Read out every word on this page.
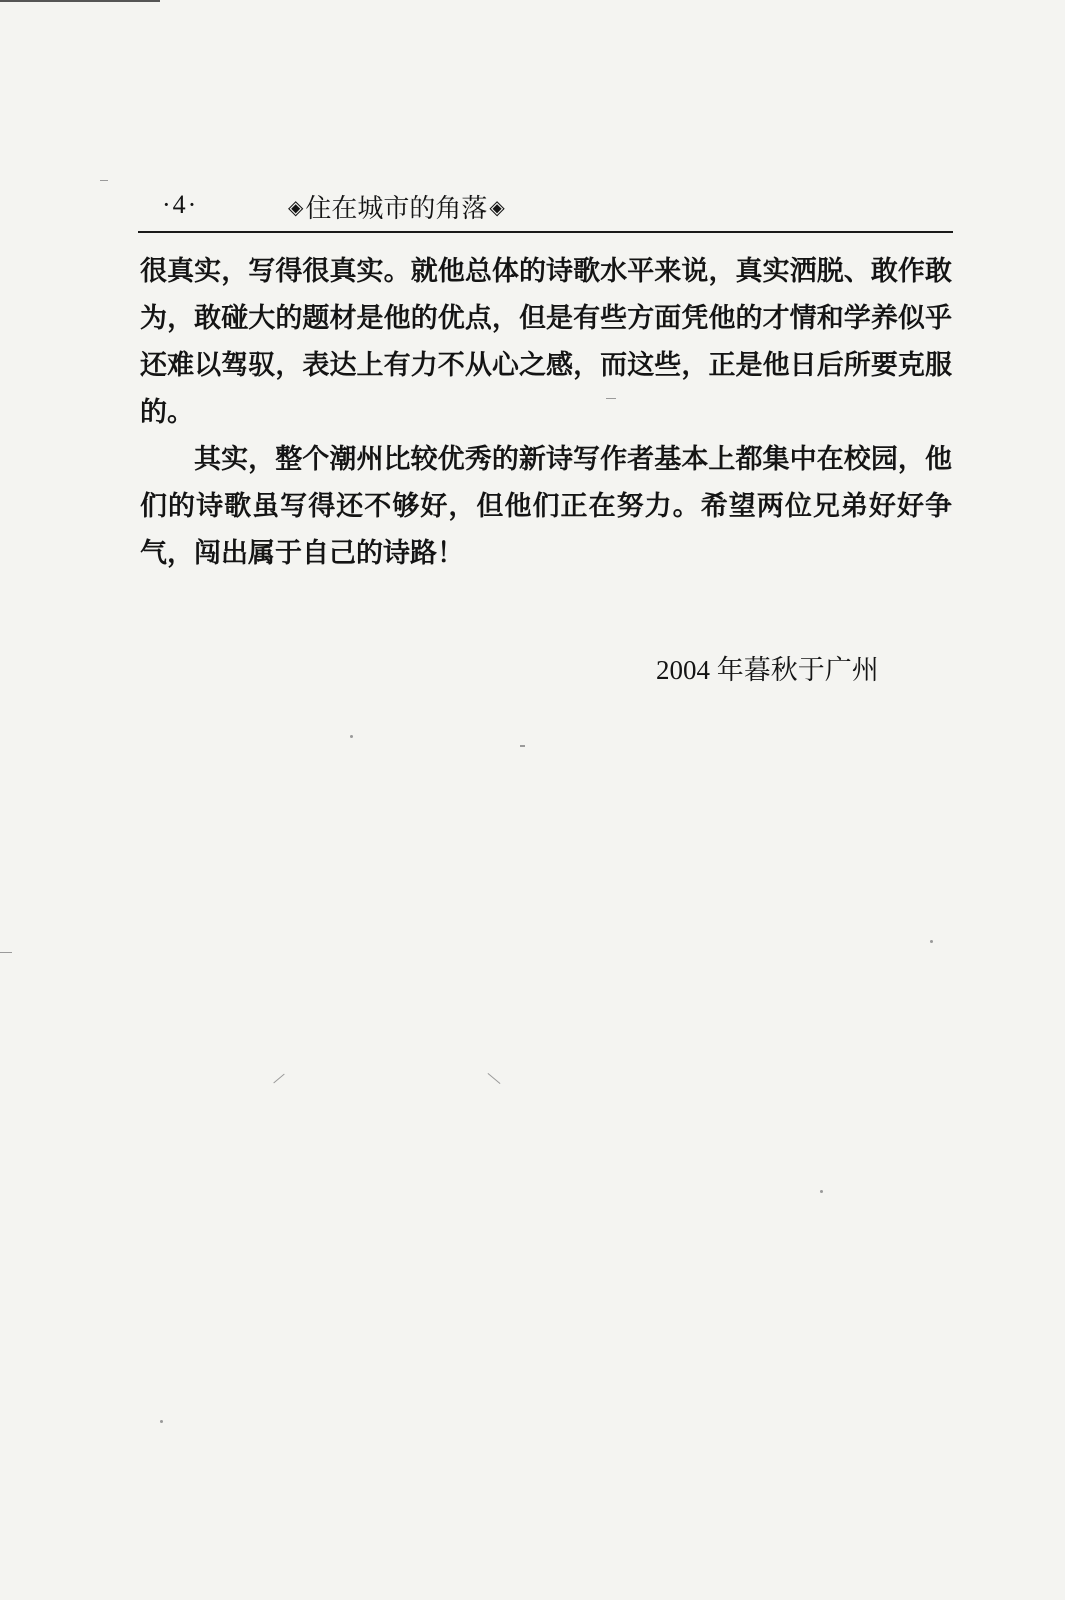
·4·	◈ 住在城市的角落 ◈

很真实，写得很真实。就他总体的诗歌水平来说，真实洒脱、敢作敢为，敢碰大的题材是他的优点，但是有些方面凭他的才情和学养似乎还难以驾驭，表达上有力不从心之感，而这些，正是他日后所要克服的。

其实，整个潮州比较优秀的新诗写作者基本上都集中在校园，他们的诗歌虽写得还不够好，但他们正在努力。希望两位兄弟好好争气，闯出属于自己的诗路！

2004 年暮秋于广州
